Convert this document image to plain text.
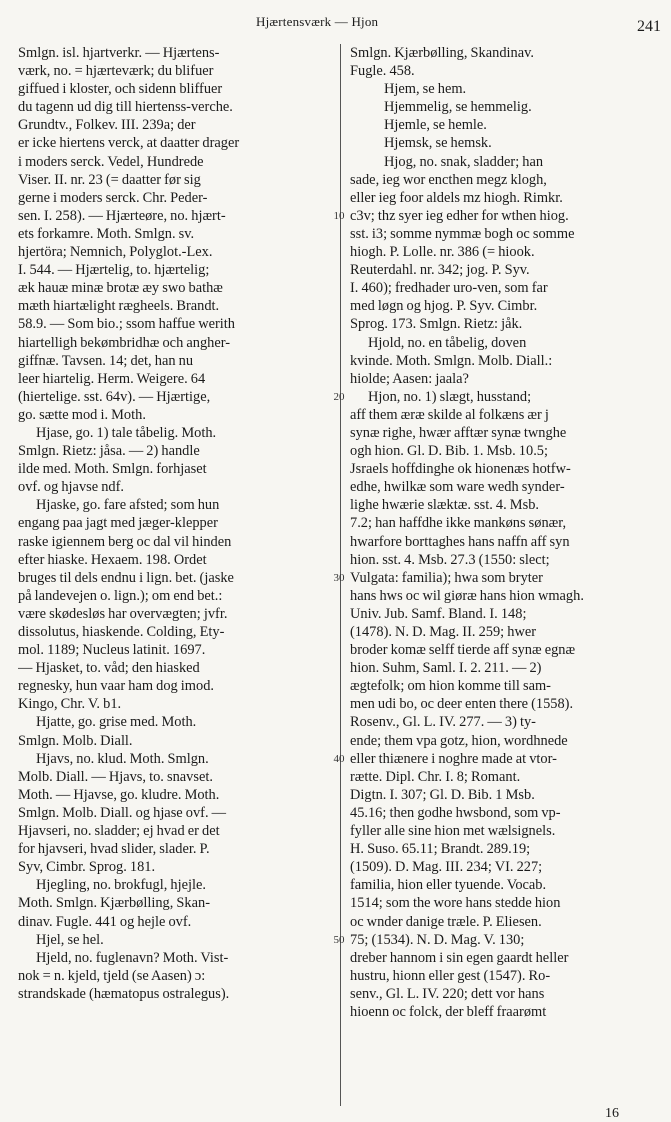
Hjærtensværk — Hjon	241
Smlgn. isl. hjartverkr. — Hjærtens-
værk, no. = hjærteværk; du blifuer
giffued i kloster, och sidenn bliffuer
du tagenn ud dig till hiertenss-verche.
Grundtv., Folkev. III. 239a; der
er icke hiertens verck, at daatter drager
i moders serck. Vedel, Hundrede
Viser. II. nr. 23 (= daatter før sig
gerne i moders serck. Chr. Peder-
sen. I. 258). — Hjærteøre, no. hjært-
ets forkamre. Moth. Smlgn. sv.
hjertöra; Nemnich, Polyglot.-Lex.
I. 544. — Hjærtelig, to. hjærtelig;
æk hauæ minæ brotæ æy swo bathæ
mæth hiartælight rægheels. Brandt.
58.9. — Som bio.; ssom haffue werith
hiartelligh bekømbridhæ och angher-
giffnæ. Tavsen. 14; det, han nu
leer hiartelig. Herm. Weigere. 64
(hiertelige. sst. 64v). — Hjærtige,
go. sætte mod i. Moth.
Hjase, go. 1) tale tåbelig. Moth.
Smlgn. Rietz: jåsa. — 2) handle
ilde med. Moth. Smlgn. forhjaset
ovf. og hjavse ndf.
Hjaske, go. fare afsted; som hun
engang paa jagt med jæger-klepper
raske igiennem berg oc dal vil hinden
efter hiaske. Hexaem. 198. Ordet
bruges til dels endnu i lign. bet. (jaske
på landevejen o. lign.); om end bet.:
være skødesløs har overvægten; jvfr.
dissolutus, hiaskende. Colding, Ety-
mol. 1189; Nucleus latinit. 1697.
— Hjasket, to. våd; den hiasked
regnesky, hun vaar ham dog imod.
Kingo, Chr. V. b1.
Hjatte, go. grise med. Moth.
Smlgn. Molb. Diall.
Hjavs, no. klud. Moth. Smlgn.
Molb. Diall. — Hjavs, to. snavset.
Moth. — Hjavse, go. kludre. Moth.
Smlgn. Molb. Diall. og hjase ovf. —
Hjavseri, no. sladder; ej hvad er det
for hjavseri, hvad slider, slader. P.
Syv, Cimbr. Sprog. 181.
Hjegling, no. brokfugl, hjejle.
Moth. Smlgn. Kjærbølling, Skan-
dinav. Fugle. 441 og hejle ovf.
Hjel, se hel.
Hjeld, no. fuglenavn? Moth. Vist-
nok = n. kjeld, tjeld (se Aasen) ɔ:
strandskade (hæmatopus ostralegus).
Smlgn. Kjærbølling, Skandinav.
Fugle. 458.
Hjem, se hem.
Hjemmelig, se hemmelig.
Hjemle, se hemle.
Hjemsk, se hemsk.
Hjog, no. snak, sladder; han
sade, ieg wor encthen megz klogh,
eller ieg foor aldels mz hiogh. Rimkr.
c3v; thz syer ieg edher for wthen hiog.
sst. i3; somme nymmæ bogh oc somme
hiogh. P. Lolle. nr. 386 (= hiook.
Reuterdahl. nr. 342; jog. P. Syv.
I. 460); fredhader uro-ven, som far
med løgn og hjog. P. Syv. Cimbr.
Sprog. 173. Smlgn. Rietz: jåk.
Hjold, no. en tåbelig, doven
kvinde. Moth. Smlgn. Molb. Diall.:
hiolde; Aasen: jaala?
Hjon, no. 1) slægt, husstand;
aff them æræ skilde al folkæns ær j
synæ righe, hwær afftær synæ twnghe
ogh hion. Gl. D. Bib. 1. Msb. 10.5;
Jsraels hoffdinghe ok hionenæs hotfw-
edhe, hwilkæ som ware wedh synder-
lighe hwærie slæktæ. sst. 4. Msb.
7.2; han haffdhe ikke mankøns sønær,
hwarfore borttaghes hans naffn aff syn
hion. sst. 4. Msb. 27.3 (1550: slect;
Vulgata: familia); hwa som bryter
hans hws oc wil giøræ hans hion wmagh.
Univ. Jub. Samf. Bland. I. 148;
(1478). N. D. Mag. II. 259; hwer
broder komæ selff tierde aff synæ egnæ
hion. Suhm, Saml. I. 2. 211. — 2)
ægtefolk; om hion komme till sam-
men udi bo, oc deer enten there (1558).
Rosenv., Gl. L. IV. 277. — 3) ty-
ende; them vpa gotz, hion, wordhnede
eller thiænere i noghre made at vtor-
rætte. Dipl. Chr. I. 8; Romant.
Digtn. I. 307; Gl. D. Bib. 1 Msb.
45.16; then godhe hwsbond, som vp-
fyller alle sine hion met wælsignels.
H. Suso. 65.11; Brandt. 289.19;
(1509). D. Mag. III. 234; VI. 227;
familia, hion eller tyuende. Vocab.
1514; som the wore hans stedde hion
oc wnder danige træle. P. Eliesen.
75; (1534). N. D. Mag. V. 130;
dreber hannom i sin egen gaardt heller
hustru, hionn eller gest (1547). Ro-
senv., Gl. L. IV. 220; dett vor hans
hioenn oc folck, der bleff fraarømt
10
20
30
40
50
16
